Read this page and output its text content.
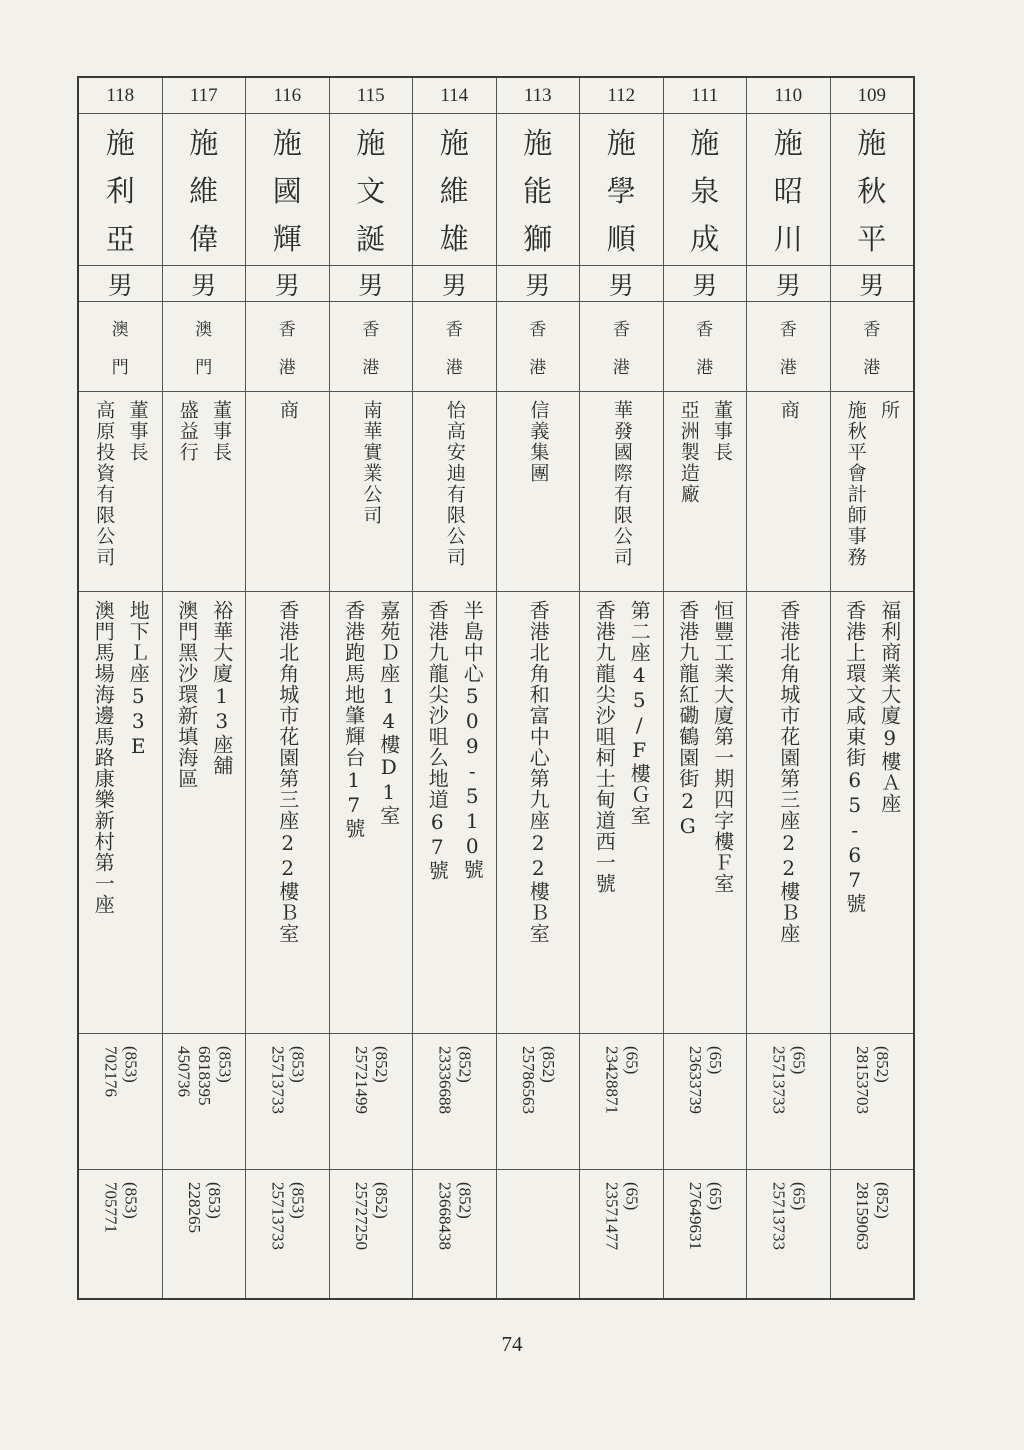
118
施
利
亞
男
澳
門
董事長
高原投資有限公司
地下Ｌ座53E
澳門馬場海邊馬路康樂新村第一座
(853)
702176
(853)
705771
117
施
維
偉
男
澳
門
董事長
盛益行
裕華大廈13座舖
澳門黑沙環新填海區
(853)
6818395
450736
(853)
228265
116
施
國
輝
男
香
港
商
香港北角城市花園第三座22樓Ｂ室
(853)
25713733
(853)
25713733
115
施
文
誕
男
香
港
南華實業公司
嘉苑Ｄ座14樓D1室
香港跑馬地肇輝台17號
(852)
25721499
(852)
25727250
114
施
維
雄
男
香
港
怡高安迪有限公司
半島中心509-510號
香港九龍尖沙咀么地道67號
(852)
23336688
(852)
23668438
113
施
能
獅
男
香
港
信義集團
香港北角和富中心第九座22樓Ｂ室
(852)
25786563
112
施
學
順
男
香
港
華發國際有限公司
第二座45/F樓Ｇ室
香港九龍尖沙咀柯士甸道西一號
(65)
23428871
(65)
23571477
111
施
泉
成
男
香
港
董事長
亞洲製造廠
恒豐工業大廈第一期四字樓Ｆ室
香港九龍紅磡鶴園街2G
(65)
23633739
(65)
27649631
110
施
昭
川
男
香
港
商
香港北角城市花園第三座22樓Ｂ座
(65)
25713733
(65)
25713733
109
施
秋
平
男
香
港
所
施秋平會計師事務
福利商業大廈9樓Ａ座
香港上環文咸東街65-67號
(852)
28153703
(852)
28159063
74
